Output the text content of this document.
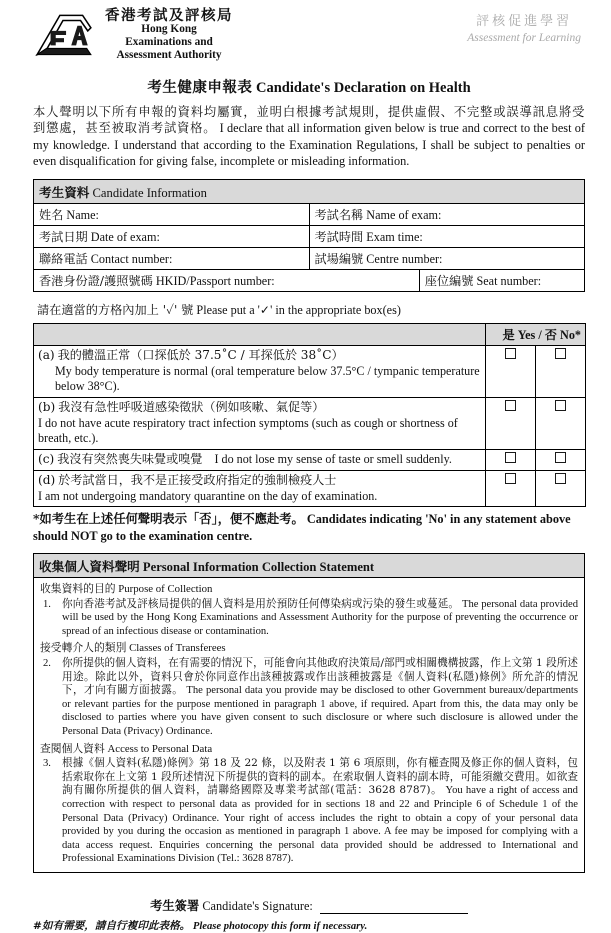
香港考試及評核局
Hong Kong
Examinations and
Assessment Authority
評核促進學習
Assessment for Learning
考生健康申報表 Candidate's Declaration on Health
本人聲明以下所有申報的資料均屬實，並明白根據考試規則，提供虛假、不完整或誤導訊息將受到懲處，甚至被取消考試資格。 I declare that all information given below is true and correct to the best of my knowledge. I understand that according to the Examination Regulations, I shall be subject to penalties or even disqualification for giving false, incomplete or misleading information.
考生資料 Candidate Information		
姓名 Name:	考試名稱 Name of exam:	
考試日期 Date of exam:	考試時間 Exam time:	
聯絡電話 Contact number:	試場編號 Centre number:	
香港身份證/護照號碼 HKID/Passport number:		座位編號 Seat number:
請在適當的方格內加上 '✓' 號 Please put a '✓' in the appropriate box(es)
	是 Yes / 否 No*	
(a) 我的體溫正常（口探低於 37.5˚C / 耳探低於 38˚C）
My body temperature is normal (oral temperature below 37.5°C / tympanic temperature below 38°C).		

(b) 我沒有急性呼吸道感染徵狀（例如咳嗽、氣促等）
I do not have acute respiratory tract infection symptoms (such as cough or shortness of breath, etc.).		

(c) 我沒有突然喪失味覺或嗅覺 I do not lose my sense of taste or smell suddenly.		
(d) 於考試當日，我不是正接受政府指定的強制檢疫人士
I am not undergoing mandatory quarantine on the day of examination.		

*如考生在上述任何聲明表示「否」，便不應赴考。 Candidates indicating 'No' in any statement above should NOT go to the examination centre.
收集個人資料聲明 Personal Information Collection Statement

收集資料的目的 Purpose of Collection
1.	你向香港考試及評核局提供的個人資料是用於預防任何傳染病或污染的發生或蔓延。 The personal data provided will be used by the Hong Kong Examinations and Assessment Authority for the purpose of preventing the occurrence or spread of an infectious disease or contamination.
接受轉介人的類別 Classes of Transferees
2.	你所提供的個人資料，在有需要的情況下，可能會向其他政府決策局/部門或相關機構披露，作上文第 1 段所述用途。除此以外，資料只會於你同意作出該種披露或作出該種披露是《個人資料(私隱)條例》所允許的情況下，才向有關方面披露。 The personal data you provide may be disclosed to other Government bureaux/departments or relevant parties for the purpose mentioned in paragraph 1 above, if required. Apart from this, the data may only be disclosed to parties where you have given consent to such disclosure or where such disclosure is allowed under the Personal Data (Privacy) Ordinance.
查閱個人資料 Access to Personal Data
3.	根據《個人資料(私隱)條例》第 18 及 22 條，以及附表 1 第 6 項原則，你有權查閱及修正你的個人資料，包括索取你在上文第 1 段所述情況下所提供的資料的副本。在索取個人資料的副本時，可能須繳交費用。如欲查詢有關你所提供的個人資料，請聯絡國際及專業考試部(電話：3628 8787)。 You have a right of access and correction with respect to personal data as provided for in sections 18 and 22 and Principle 6 of Schedule 1 of the Personal Data (Privacy) Ordinance. Your right of access includes the right to obtain a copy of your personal data provided by you during the occasion as mentioned in paragraph 1 above. A fee may be imposed for complying with a data access request. Enquiries concerning the personal data provided should be addressed to International and Professional Examinations Division (Tel.: 3628 8787).
考生簽署 Candidate's Signature:
#如有需要，請自行複印此表格。 Please photocopy this form if necessary.
